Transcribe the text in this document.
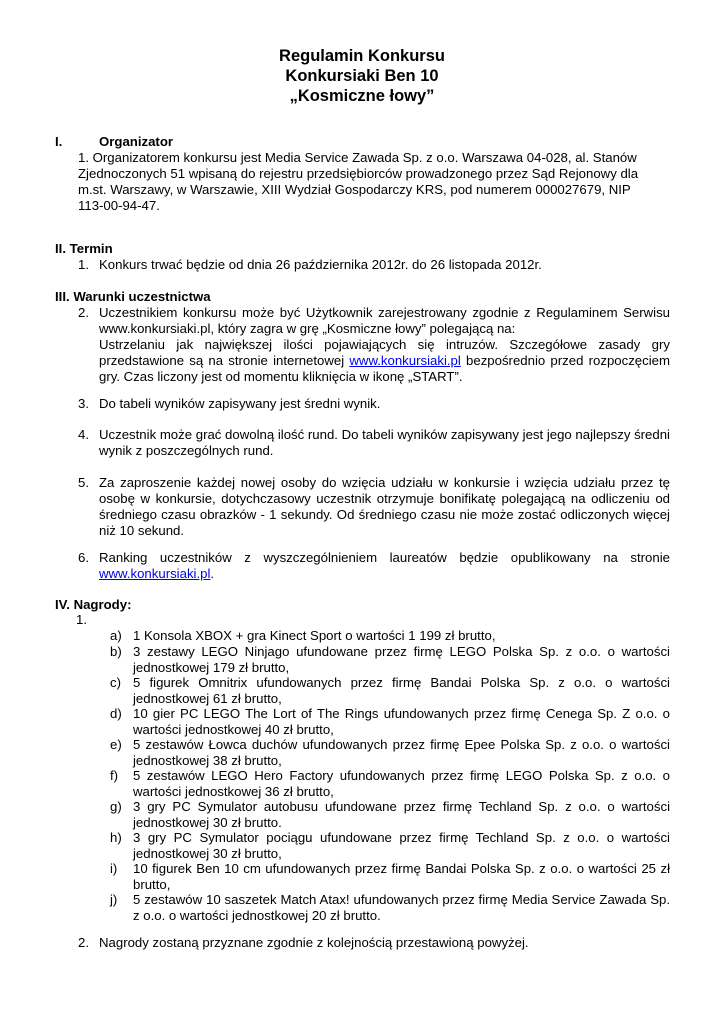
Regulamin Konkursu
Konkursiaki Ben 10
„Kosmiczne łowy”
I.	Organizator
1. Organizatorem konkursu jest Media Service Zawada Sp. z o.o. Warszawa 04-028, al. Stanów Zjednoczonych 51 wpisaną do rejestru przedsiębiorców prowadzonego przez Sąd Rejonowy dla m.st. Warszawy, w Warszawie, XIII Wydział Gospodarczy KRS, pod numerem 000027679, NIP 113-00-94-47.
II. Termin
1. Konkurs trwać będzie od dnia 26 października 2012r. do 26 listopada 2012r.
III. Warunki uczestnictwa
2. Uczestnikiem konkursu może być Użytkownik zarejestrowany zgodnie z Regulaminem Serwisu www.konkursiaki.pl, który zagra w grę „Kosmiczne łowy” polegającą na:
Ustrzelaniu jak największej ilości pojawiających się intruzów. Szczegółowe zasady gry przedstawione są na stronie internetowej www.konkursiaki.pl bezpośrednio przed rozpoczęciem gry. Czas liczony jest od momentu kliknięcia w ikonę „START”.
3. Do tabeli wyników zapisywany jest średni wynik.
4. Uczestnik może grać dowolną ilość rund. Do tabeli wyników zapisywany jest jego najlepszy średni wynik z poszczególnych rund.
5. Za zaproszenie każdej nowej osoby do wzięcia udziału w konkursie i wzięcia udziału przez tę osobę w konkursie, dotychczasowy uczestnik otrzymuje bonifikatę polegającą na odliczeniu od średniego czasu obrazków - 1 sekundy. Od średniego czasu nie może zostać odliczonych więcej niż 10 sekund.
6. Ranking uczestników z wyszczególnieniem laureatów będzie opublikowany na stronie www.konkursiaki.pl.
IV. Nagrody:
1.
a) 1 Konsola XBOX + gra Kinect Sport o wartości 1 199 zł brutto,
b) 3 zestawy LEGO Ninjago ufundowane przez firmę LEGO Polska Sp. z o.o. o wartości jednostkowej 179 zł brutto,
c) 5 figurek Omnitrix ufundowanych przez firmę Bandai Polska Sp. z o.o. o wartości jednostkowej 61 zł brutto,
d) 10 gier PC LEGO The Lort of The Rings ufundowanych przez firmę Cenega Sp. Z o.o. o wartości jednostkowej 40 zł brutto,
e) 5 zestawów Łowca duchów ufundowanych przez firmę Epee Polska Sp. z o.o. o wartości jednostkowej 38 zł brutto,
f) 5 zestawów LEGO Hero Factory ufundowanych przez firmę LEGO Polska Sp. z o.o. o wartości jednostkowej 36 zł brutto,
g) 3 gry PC Symulator autobusu ufundowane przez firmę Techland Sp. z o.o. o wartości jednostkowej 30 zł brutto.
h) 3 gry PC Symulator pociągu ufundowane przez firmę Techland Sp. z o.o. o wartości jednostkowej 30 zł brutto,
i) 10 figurek Ben 10 cm ufundowanych przez firmę Bandai Polska Sp. z o.o. o wartości 25 zł brutto,
j) 5 zestawów 10 saszetek Match Atax! ufundowanych przez firmę Media Service Zawada Sp. z o.o. o wartości jednostkowej 20 zł brutto.
2. Nagrody zostaną przyznane zgodnie z kolejnością przestawioną powyżej.
